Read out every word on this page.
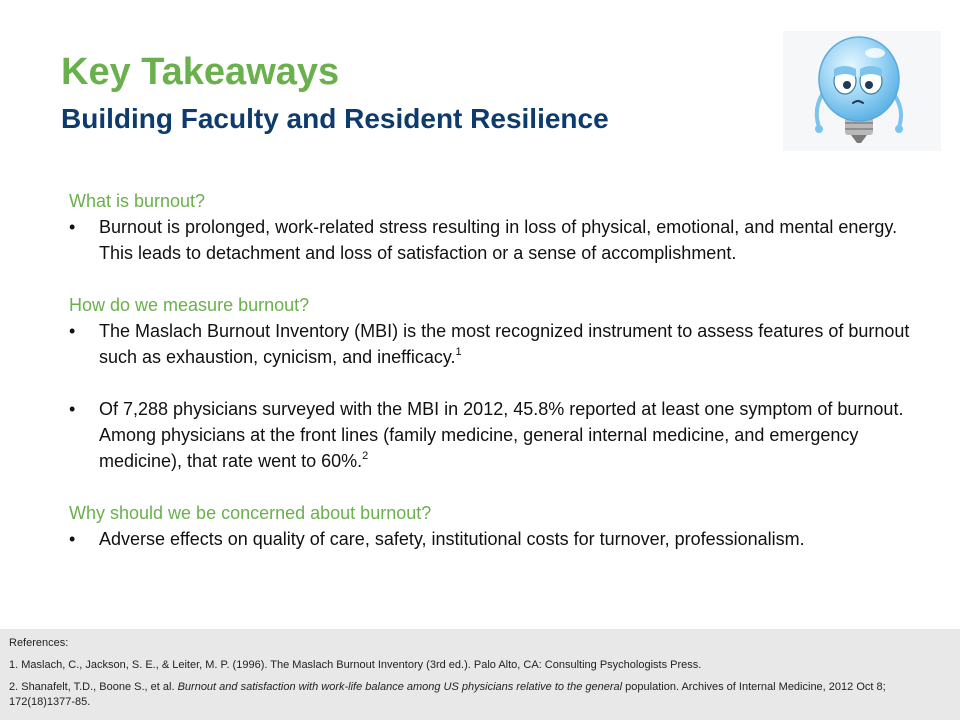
Key Takeaways
Building Faculty and Resident Resilience
What is burnout?
• Burnout is prolonged, work-related stress resulting in loss of physical, emotional, and mental energy. This leads to detachment and loss of satisfaction or a sense of accomplishment.
How do we measure burnout?
• The Maslach Burnout Inventory (MBI) is the most recognized instrument to assess features of burnout such as exhaustion, cynicism, and inefficacy.$^1$
• Of 7,288 physicians surveyed with the MBI in 2012, 45.8% reported at least one symptom of burnout. Among physicians at the front lines (family medicine, general internal medicine, and emergency medicine), that rate went to 60%.$^2$
Why should we be concerned about burnout?
• Adverse effects on quality of care, safety, institutional costs for turnover, professionalism.
References:
1. Maslach, C., Jackson, S. E., & Leiter, M. P. (1996). The Maslach Burnout Inventory (3rd ed.). Palo Alto, CA: Consulting Psychologists Press.
2. Shanafelt, T.D., Boone S., et al. Burnout and satisfaction with work-life balance among US physicians relative to the general population. Archives of Internal Medicine, 2012 Oct 8; 172(18)1377-85.
